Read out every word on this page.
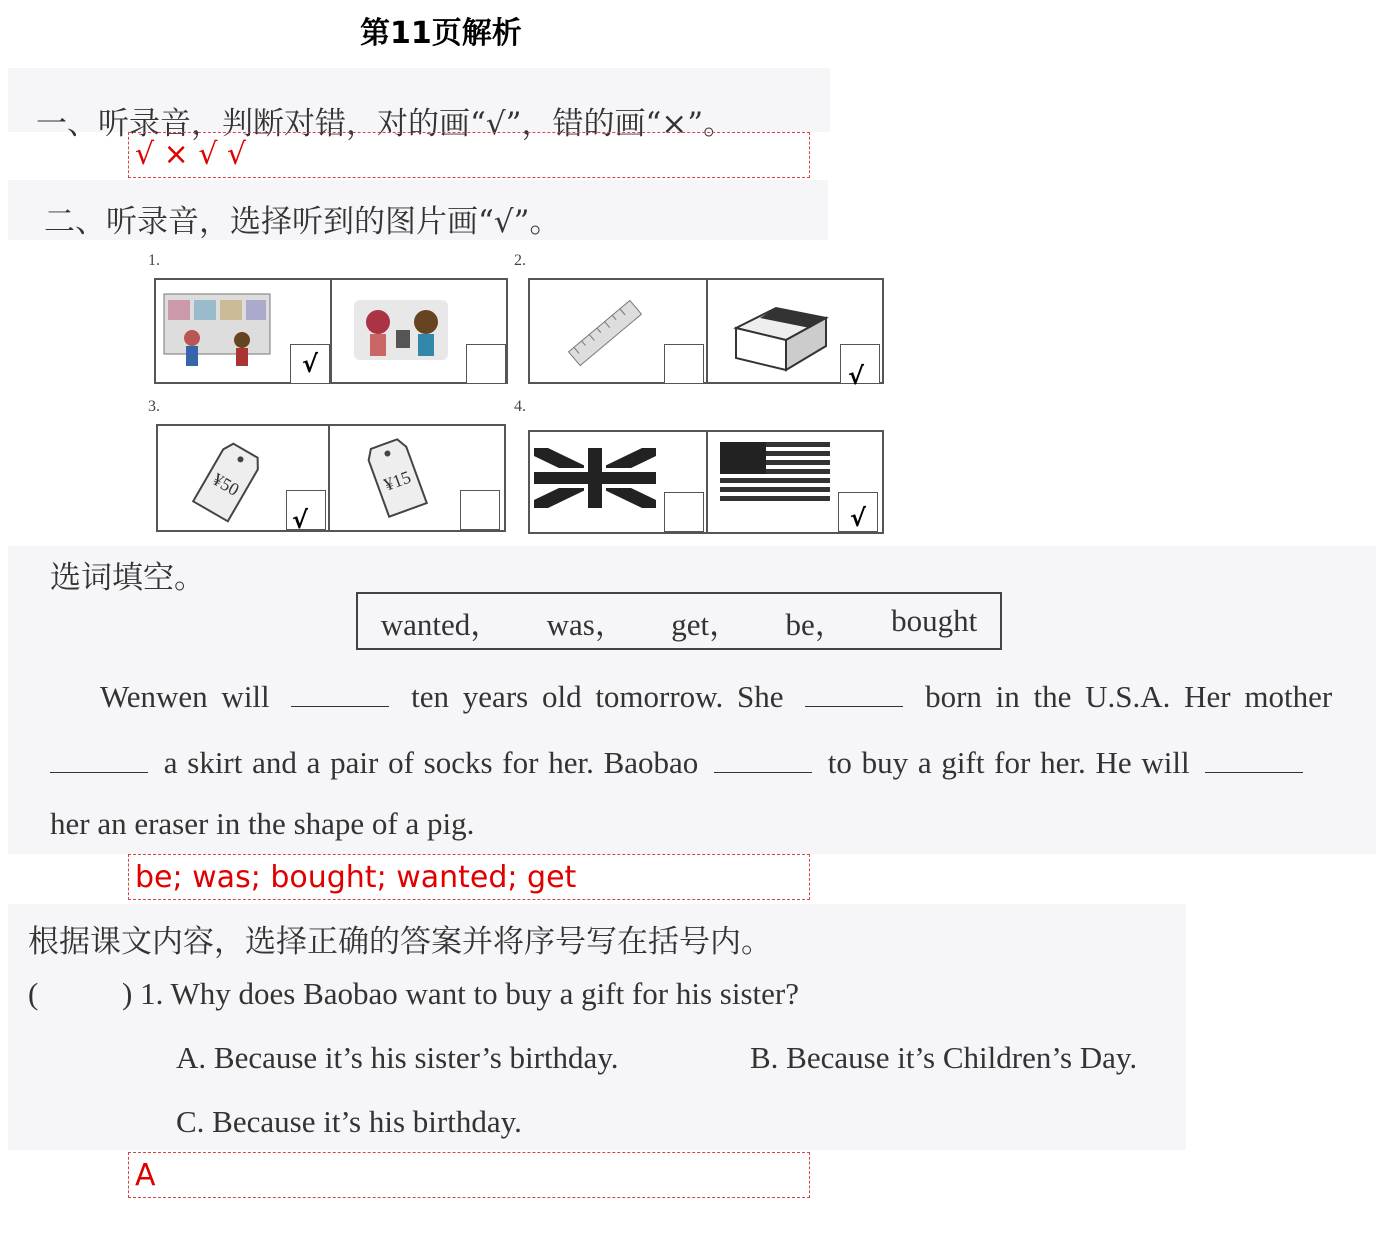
第11页解析
一、听录音，判断对错，对的画“√”，错的画“×”。
√ × √ √
二、听录音，选择听到的图片画“√”。
1.
√
2.
√
3.
¥50	¥15
√
4.
√
选词填空。
wanted， was， get， be， bought
Wenwen will	ten years old tomorrow. She	born in the U.S.A. Her mother
a skirt and a pair of socks for her. Baobao	to buy a gift for her. He will
her an eraser in the shape of a pig.
be; was; bought; wanted; get
根据课文内容，选择正确的答案并将序号写在括号内。
(	) 1. Why does Baobao want to buy a gift for his sister?
A. Because it’s his sister’s birthday.	B. Because it’s Children’s Day.
C. Because it’s his birthday.
A
